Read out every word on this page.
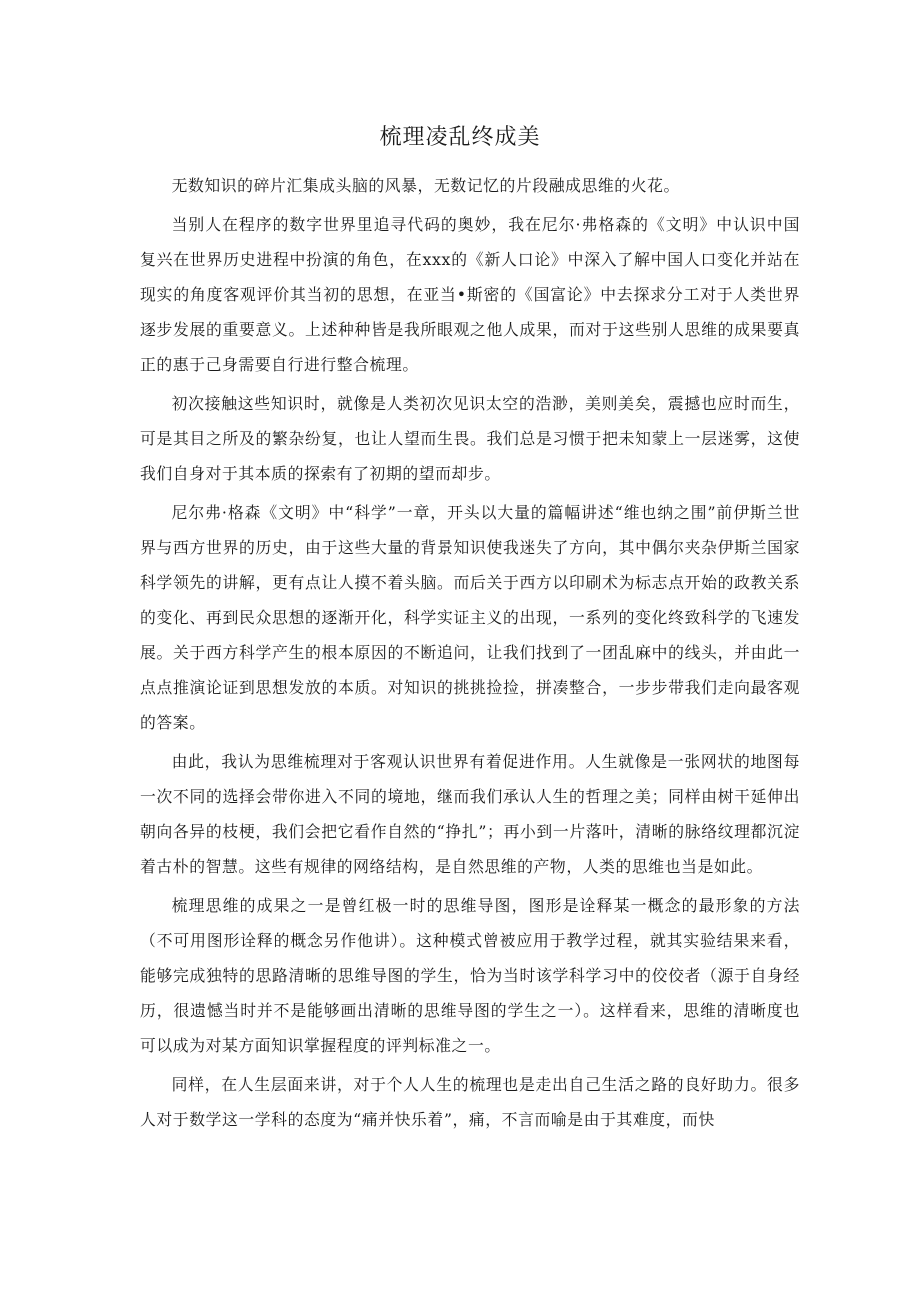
梳理凌乱终成美

无数知识的碎片汇集成头脑的风暴，无数记忆的片段融成思维的火花。

当别人在程序的数字世界里追寻代码的奥妙，我在尼尔·弗格森的《文明》中认识中国复兴在世界历史进程中扮演的角色，在xxx的《新人口论》中深入了解中国人口变化并站在现实的角度客观评价其当初的思想，在亚当•斯密的《国富论》中去探求分工对于人类世界逐步发展的重要意义。上述种种皆是我所眼观之他人成果，而对于这些别人思维的成果要真正的惠于己身需要自行进行整合梳理。

初次接触这些知识时，就像是人类初次见识太空的浩渺，美则美矣，震撼也应时而生，可是其目之所及的繁杂纷复，也让人望而生畏。我们总是习惯于把未知蒙上一层迷雾，这使我们自身对于其本质的探索有了初期的望而却步。

尼尔弗·格森《文明》中“科学”一章，开头以大量的篇幅讲述“维也纳之围”前伊斯兰世界与西方世界的历史，由于这些大量的背景知识使我迷失了方向，其中偶尔夹杂伊斯兰国家科学领先的讲解，更有点让人摸不着头脑。而后关于西方以印刷术为标志点开始的政教关系的变化、再到民众思想的逐渐开化，科学实证主义的出现，一系列的变化终致科学的飞速发展。关于西方科学产生的根本原因的不断追问，让我们找到了一团乱麻中的线头，并由此一点点推演论证到思想发放的本质。对知识的挑挑捡捡，拼凑整合，一步步带我们走向最客观的答案。

由此，我认为思维梳理对于客观认识世界有着促进作用。人生就像是一张网状的地图每一次不同的选择会带你进入不同的境地，继而我们承认人生的哲理之美；同样由树干延伸出朝向各异的枝梗，我们会把它看作自然的“挣扎”；再小到一片落叶，清晰的脉络纹理都沉淀着古朴的智慧。这些有规律的网络结构，是自然思维的产物，人类的思维也当是如此。

梳理思维的成果之一是曾红极一时的思维导图，图形是诠释某一概念的最形象的方法（不可用图形诠释的概念另作他讲）。这种模式曾被应用于教学过程，就其实验结果来看，能够完成独特的思路清晰的思维导图的学生，恰为当时该学科学习中的佼佼者（源于自身经历，很遗憾当时并不是能够画出清晰的思维导图的学生之一）。这样看来，思维的清晰度也可以成为对某方面知识掌握程度的评判标准之一。

同样，在人生层面来讲，对于个人人生的梳理也是走出自己生活之路的良好助力。很多人对于数学这一学科的态度为“痛并快乐着”，痛，不言而喻是由于其难度，而快
